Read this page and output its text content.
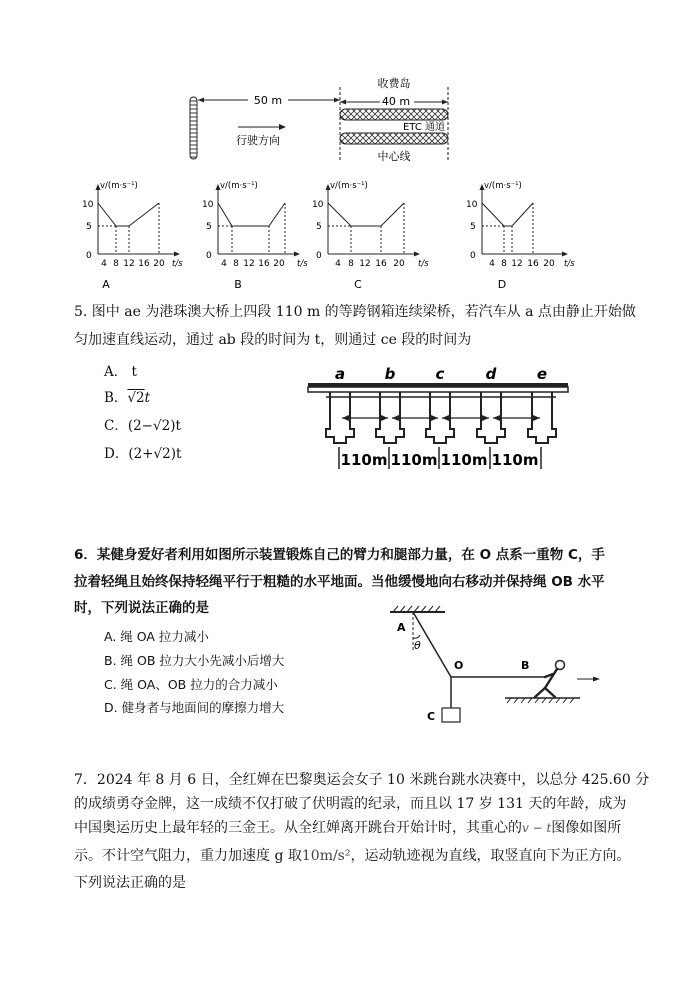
50 m	40 m
收费岛
ETC 通道
中心线
行驶方向
v/(m·s⁻¹)
t/s
10
5
0
4 8 12 16 20
A
v/(m·s⁻¹)
t/s
10
5
0
4 8 12 16 20
B
v/(m·s⁻¹)
t/s
10
5
0
4 8 12 16 20
C
v/(m·s⁻¹)
t/s
10
5
0
4 8 12 16 20
D
5. 图中 ae 为港珠澳大桥上四段 110 m 的等跨钢箱连续梁桥，若汽车从 a 点由静止开始做
匀加速直线运动，通过 ab 段的时间为 t，则通过 ce 段的时间为
A． t
B．√2t
C．(2−√2)t
D．(2+√2)t
a	b	c	d	e
110m 110m 110m 110m
6．某健身爱好者利用如图所示装置锻炼自己的臂力和腿部力量，在 O 点系一重物 C，手
拉着轻绳且始终保持轻绳平行于粗糙的水平地面。当他缓慢地向右移动并保持绳 OB 水平
时，下列说法正确的是
A. 绳 OA 拉力减小
B. 绳 OB 拉力大小先减小后增大
C. 绳 OA、OB 拉力的合力减小
D. 健身者与地面间的摩擦力增大
A
θ
O	B
C
7．2024 年 8 月 6 日，全红婵在巴黎奥运会女子 10 米跳台跳水决赛中，以总分 425.60 分
的成绩勇夺金牌，这一成绩不仅打破了伏明霞的纪录，而且以 17 岁 131 天的年龄，成为
中国奥运历史上最年轻的三金王。从全红婵离开跳台开始计时，其重心的v − t图像如图所
示。不计空气阻力，重力加速度 g 取10m/s²，运动轨迹视为直线，取竖直向下为正方向。
下列说法正确的是
